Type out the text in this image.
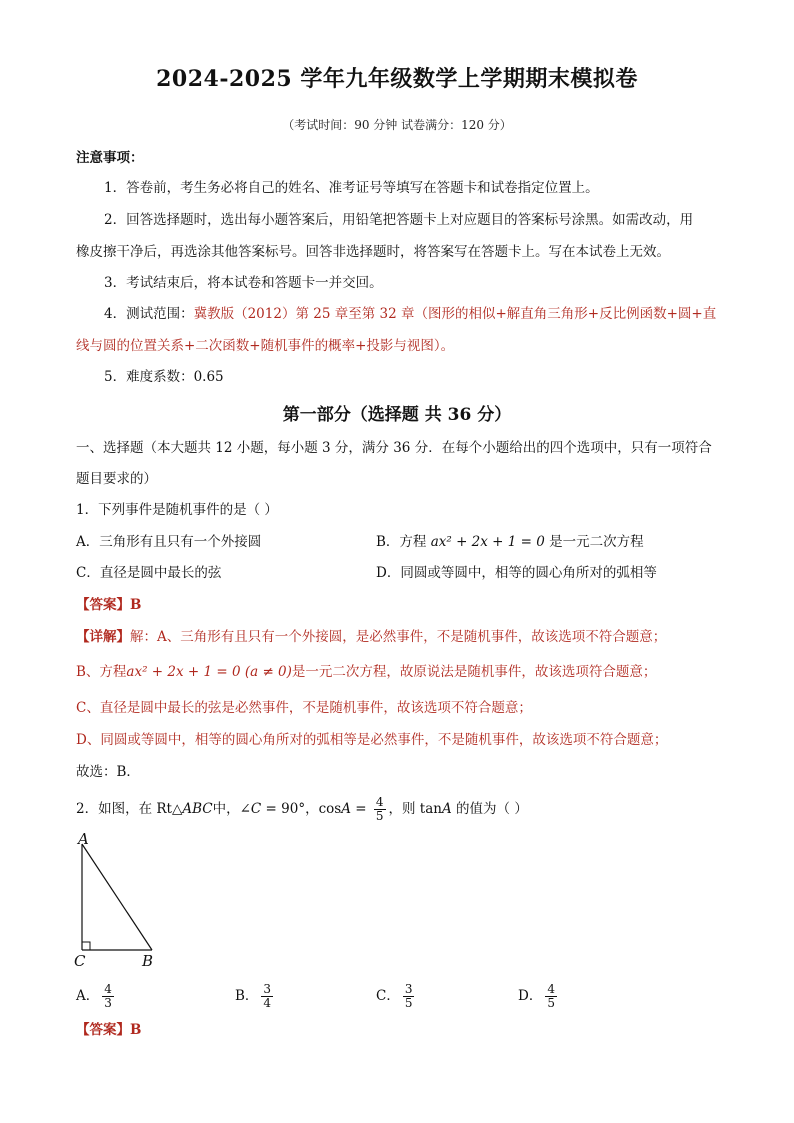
2024-2025 学年九年级数学上学期期末模拟卷
（考试时间：90 分钟 试卷满分：120 分）
注意事项：
1．答卷前，考生务必将自己的姓名、准考证号等填写在答题卡和试卷指定位置上。
2．回答选择题时，选出每小题答案后，用铅笔把答题卡上对应题目的答案标号涂黑。如需改动，用
橡皮擦干净后，再选涂其他答案标号。回答非选择题时，将答案写在答题卡上。写在本试卷上无效。
3．考试结束后，将本试卷和答题卡一并交回。
4．测试范围：冀教版（2012）第 25 章至第 32 章（图形的相似+解直角三角形+反比例函数+圆+直
线与圆的位置关系+二次函数+随机事件的概率+投影与视图）。
5．难度系数：0.65
第一部分（选择题 共 36 分）
一、选择题（本大题共 12 小题，每小题 3 分，满分 36 分．在每个小题给出的四个选项中，只有一项符合
题目要求的）
1．下列事件是随机事件的是（ ）
A．三角形有且只有一个外接圆	B．方程 ax² + 2x + 1 = 0 是一元二次方程
C．直径是圆中最长的弦	D．同圆或等圆中，相等的圆心角所对的弧相等
【答案】B
【详解】解：A、三角形有且只有一个外接圆，是必然事件，不是随机事件，故该选项不符合题意；
B、方程ax² + 2x + 1 = 0 (a ≠ 0)是一元二次方程，故原说法是随机事件，故该选项符合题意；
C、直径是圆中最长的弦是必然事件，不是随机事件，故该选项不符合题意；
D、同圆或等圆中，相等的圆心角所对的弧相等是必然事件，不是随机事件，故该选项不符合题意；
故选：B．
2．如图，在 Rt△ABC中，∠C = 90°，$\cos A = \frac{4}{5}$ ，则 tanA 的值为（ ）
A
C	B
A． $\frac{4}{3}$	B． $\frac{3}{4}$	C． $\frac{3}{5}$	D． $\frac{4}{5}$
【答案】B
